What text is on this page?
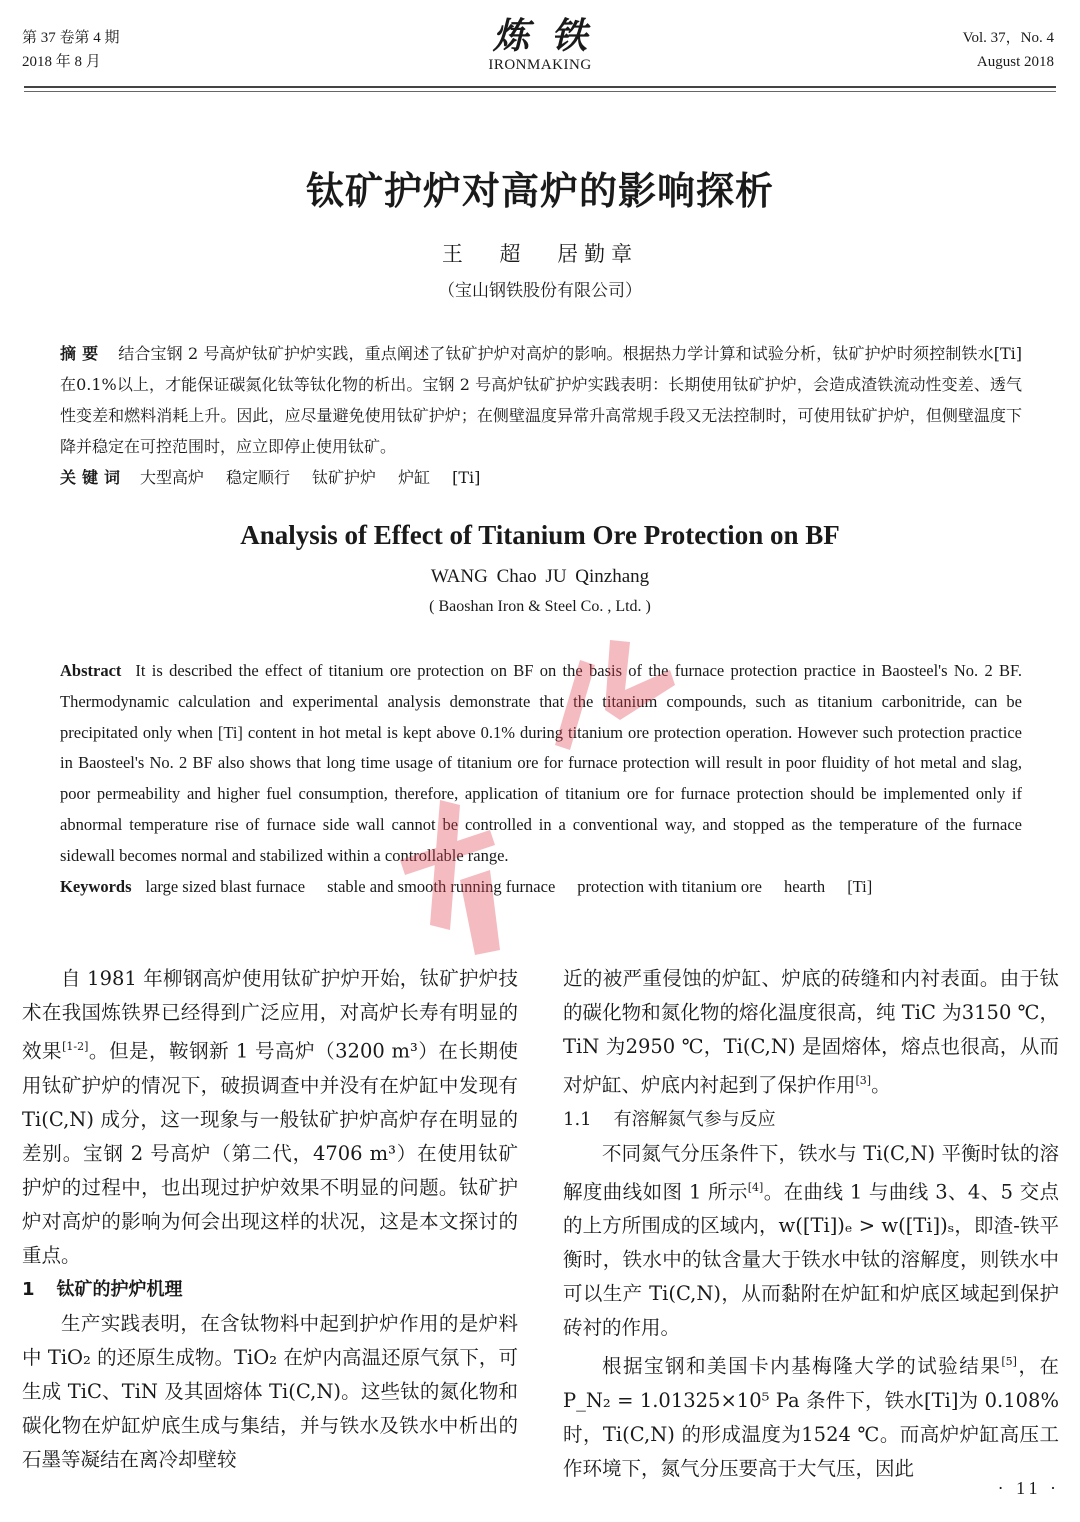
第 37 卷第 4 期
2018 年 8 月
炼铁
IRONMAKING
Vol. 37，No. 4
August 2018
钛矿护炉对高炉的影响探析
王 超 居勤章
（宝山钢铁股份有限公司）
摘要 结合宝钢 2 号高炉钛矿护炉实践，重点阐述了钛矿护炉对高炉的影响。根据热力学计算和试验分析，钛矿护炉时须控制铁水[Ti]在0.1%以上，才能保证碳氮化钛等钛化物的析出。宝钢 2 号高炉钛矿护炉实践表明：长期使用钛矿护炉，会造成渣铁流动性变差、透气性变差和燃料消耗上升。因此，应尽量避免使用钛矿护炉；在侧壁温度异常升高常规手段又无法控制时，可使用钛矿护炉，但侧壁温度下降并稳定在可控范围时，应立即停止使用钛矿。
关键词 大型高炉 稳定顺行 钛矿护炉 炉缸 [Ti]
Analysis of Effect of Titanium Ore Protection on BF
WANG Chao JU Qinzhang
( Baoshan Iron & Steel Co. , Ltd. )
Abstract It is described the effect of titanium ore protection on BF on the basis of the furnace protection practice in Baosteel's No. 2 BF. Thermodynamic calculation and experimental analysis demonstrate that the titanium compounds, such as titanium carbonitride, can be precipitated only when [Ti] content in hot metal is kept above 0.1% during titanium ore protection operation. However such protection practice in Baosteel's No. 2 BF also shows that long time usage of titanium ore for furnace protection will result in poor fluidity of hot metal and slag, poor permeability and higher fuel consumption, therefore, application of titanium ore for furnace protection should be implemented only if abnormal temperature rise of furnace side wall cannot be controlled in a conventional way, and stopped as the temperature of the furnace sidewall becomes normal and stabilized within a controllable range.
Keywords large sized blast furnace stable and smooth running furnace protection with titanium ore hearth [Ti]

自 1981 年柳钢高炉使用钛矿护炉开始，钛矿护炉技术在我国炼铁界已经得到广泛应用，对高炉长寿有明显的效果[1-2]。但是，鞍钢新 1 号高炉（3200 m³）在长期使用钛矿护炉的情况下，破损调查中并没有在炉缸中发现有 Ti(C,N) 成分，这一现象与一般钛矿护炉高炉存在明显的差别。宝钢 2 号高炉（第二代，4706 m³）在使用钛矿护炉的过程中，也出现过护炉效果不明显的问题。钛矿护炉对高炉的影响为何会出现这样的状况，这是本文探讨的重点。

1 钛矿的护炉机理

生产实践表明，在含钛物料中起到护炉作用的是炉料中 TiO₂ 的还原生成物。TiO₂ 在炉内高温还原气氛下，可生成 TiC、TiN 及其固熔体 Ti(C,N)。这些钛的氮化物和碳化物在炉缸炉底生成与集结，并与铁水及铁水中析出的石墨等凝结在离冷却壁较

近的被严重侵蚀的炉缸、炉底的砖缝和内衬表面。由于钛的碳化物和氮化物的熔化温度很高，纯 TiC 为3150 ℃，TiN 为2950 ℃，Ti(C,N) 是固熔体，熔点也很高，从而对炉缸、炉底内衬起到了保护作用[3]。

1.1 有溶解氮气参与反应

不同氮气分压条件下，铁水与 Ti(C,N) 平衡时钛的溶解度曲线如图 1 所示[4]。在曲线 1 与曲线 3、4、5 交点的上方所围成的区域内，w([Ti])ₑ > w([Ti])ₛ，即渣-铁平衡时，铁水中的钛含量大于铁水中钛的溶解度，则铁水中可以生产 Ti(C,N)，从而黏附在炉缸和炉底区域起到保护砖衬的作用。

根据宝钢和美国卡内基梅隆大学的试验结果[5]，在 P_N₂ = 1.01325×10⁵ Pa 条件下，铁水[Ti]为 0.108% 时，Ti(C,N) 的形成温度为1524 ℃。而高炉炉缸高压工作环境下，氮气分压要高于大气压，因此

· 11 ·
